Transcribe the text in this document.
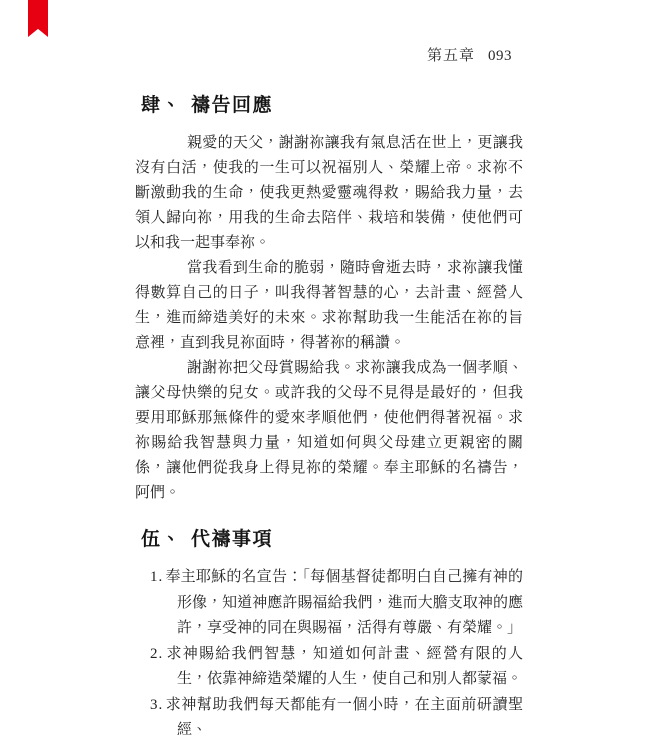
第五章 093
肆、 禱告回應

親愛的天父，謝謝祢讓我有氣息活在世上，更讓我沒有白活，使我的一生可以祝福別人、榮耀上帝。求祢不斷激動我的生命，使我更熱愛靈魂得救，賜給我力量，去領人歸向祢，用我的生命去陪伴、栽培和裝備，使他們可以和我一起事奉祢。

當我看到生命的脆弱，隨時會逝去時，求祢讓我懂得數算自己的日子，叫我得著智慧的心，去計畫、經營人生，進而締造美好的未來。求祢幫助我一生能活在祢的旨意裡，直到我見祢面時，得著祢的稱讚。

謝謝祢把父母賞賜給我。求祢讓我成為一個孝順、讓父母快樂的兒女。或許我的父母不見得是最好的，但我要用耶穌那無條件的愛來孝順他們，使他們得著祝福。求祢賜給我智慧與力量，知道如何與父母建立更親密的關係，讓他們從我身上得見祢的榮耀。奉主耶穌的名禱告，阿們。

伍、 代禱事項
1. 奉主耶穌的名宣告：「每個基督徒都明白自己擁有神的形像，知道神應許賜福給我們，進而大膽支取神的應許，享受神的同在與賜福，活得有尊嚴、有榮耀。」
2. 求神賜給我們智慧，知道如何計畫、經營有限的人生，依靠神締造榮耀的人生，使自己和別人都蒙福。
3. 求神幫助我們每天都能有一個小時，在主面前研讀聖經、
